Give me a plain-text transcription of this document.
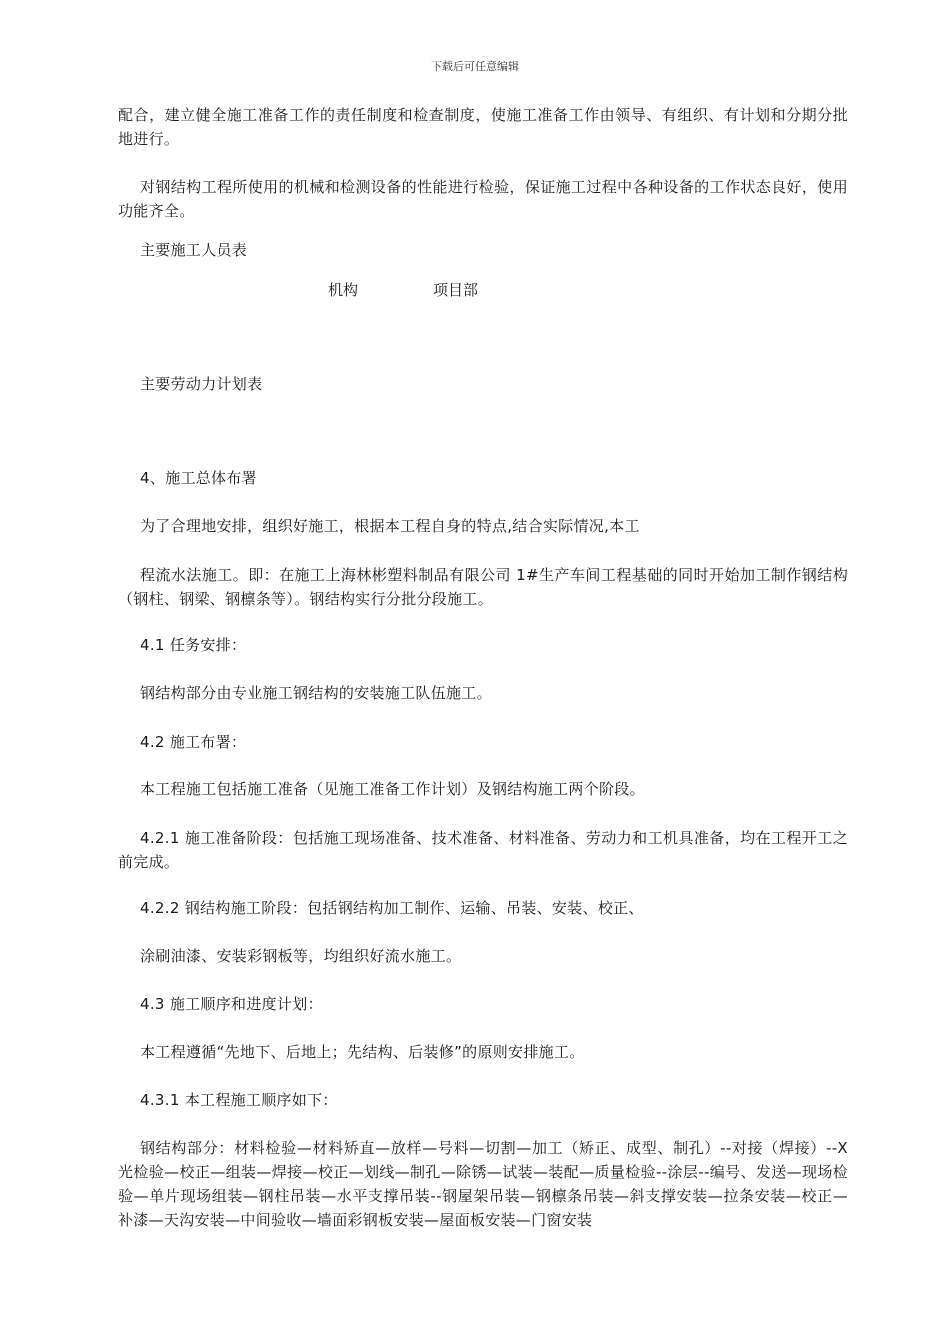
下载后可任意编辑

配合，建立健全施工准备工作的责任制度和检查制度，使施工准备工作由领导、有组织、有计划和分期分批地进行。

对钢结构工程所使用的机械和检测设备的性能进行检验，保证施工过程中各种设备的工作状态良好，使用功能齐全。

主要施工人员表

机构	项目部

主要劳动力计划表

4、施工总体布署

为了合理地安排，组织好施工，根据本工程自身的特点,结合实际情况,本工

程流水法施工。即：在施工上海林彬塑料制品有限公司 1#生产车间工程基础的同时开始加工制作钢结构（钢柱、钢梁、钢檩条等）。钢结构实行分批分段施工。

4.1 任务安排：

钢结构部分由专业施工钢结构的安装施工队伍施工。

4.2 施工布署：

本工程施工包括施工准备（见施工准备工作计划）及钢结构施工两个阶段。

4.2.1 施工准备阶段：包括施工现场准备、技术准备、材料准备、劳动力和工机具准备，均在工程开工之前完成。

4.2.2 钢结构施工阶段：包括钢结构加工制作、运输、吊装、安装、校正、

涂刷油漆、安装彩钢板等，均组织好流水施工。

4.3 施工顺序和进度计划：

本工程遵循“先地下、后地上；先结构、后装修”的原则安排施工。

4.3.1 本工程施工顺序如下：

钢结构部分：材料检验—材料矫直—放样—号料—切割—加工（矫正、成型、制孔）--对接（焊接）--X 光检验—校正—组装—焊接—校正—划线—制孔—除锈—试装—装配—质量检验--涂层--编号、发送—现场检验—单片现场组装—钢柱吊装—水平支撑吊装--钢屋架吊装—钢檩条吊装—斜支撑安装—拉条安装—校正—补漆—天沟安装—中间验收—墙面彩钢板安装—屋面板安装—门窗安装
